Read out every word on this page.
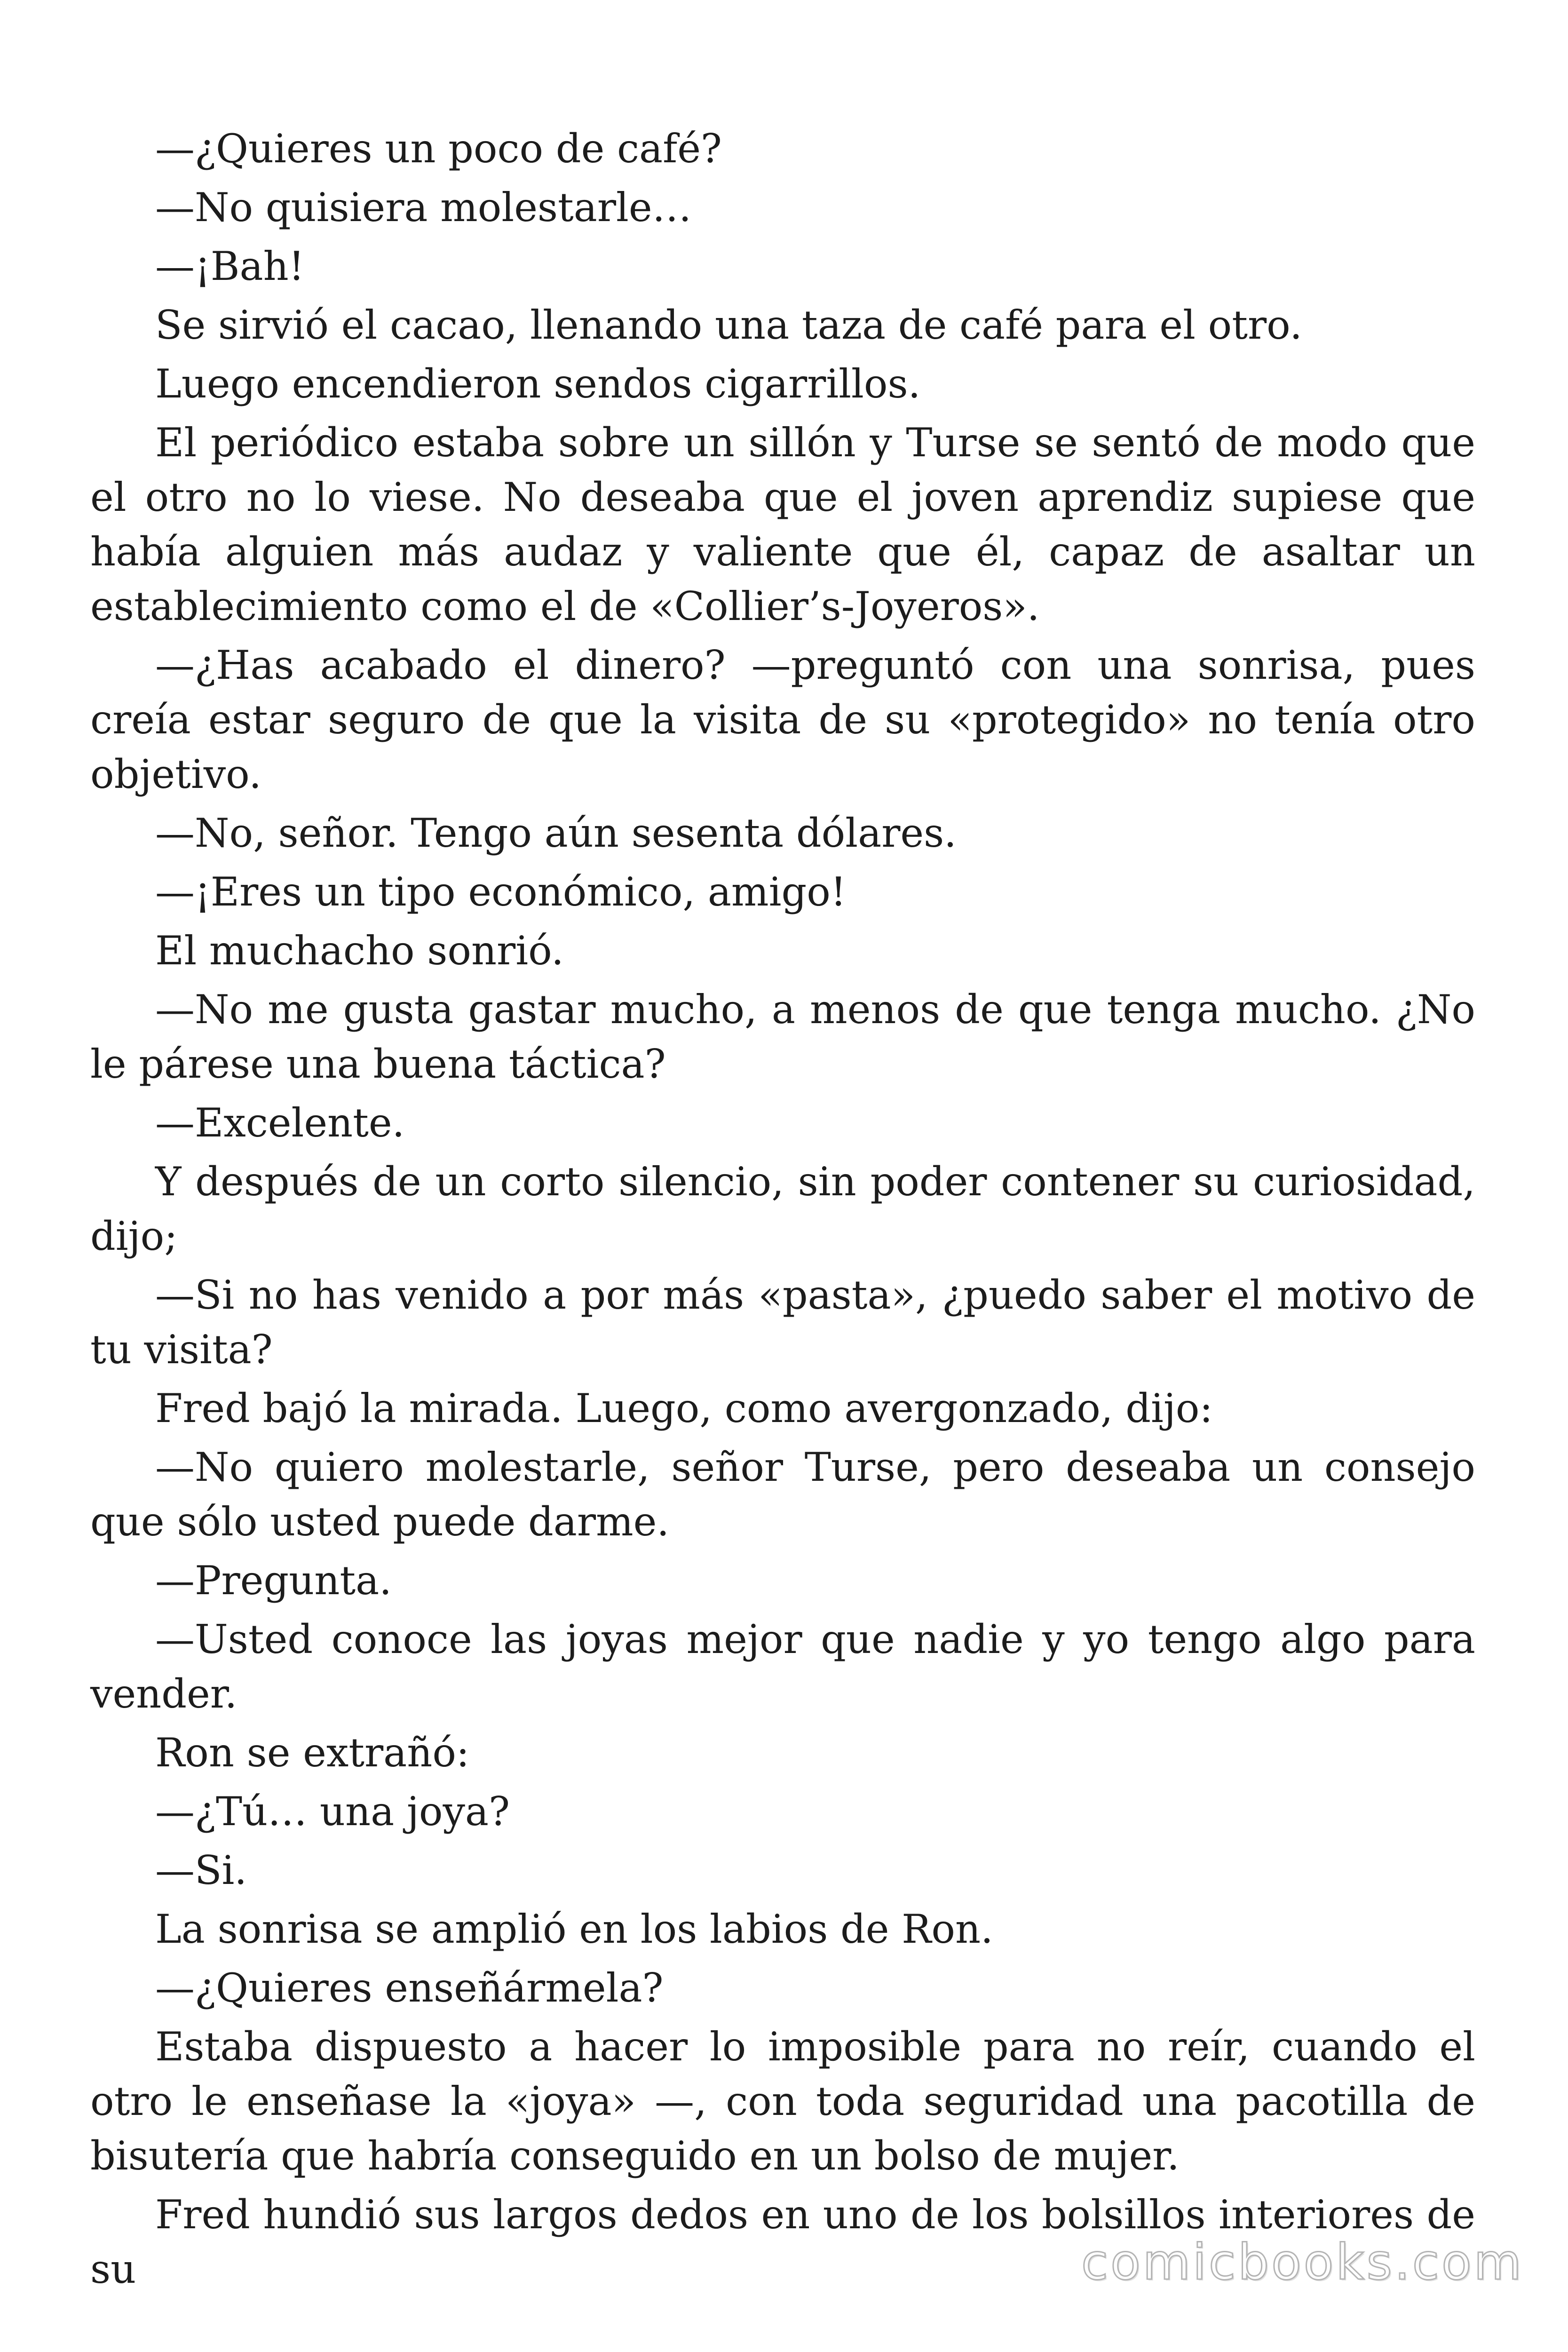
—¿Quieres un poco de café?

—No quisiera molestarle…

—¡Bah!

Se sirvió el cacao, llenando una taza de café para el otro.

Luego encendieron sendos cigarrillos.

El periódico estaba sobre un sillón y Turse se sentó de modo que el otro no lo viese. No deseaba que el joven aprendiz supiese que había alguien más audaz y valiente que él, capaz de asaltar un establecimiento como el de «Collier’s-Joyeros».

—¿Has acabado el dinero? —preguntó con una sonrisa, pues creía estar seguro de que la visita de su «protegido» no tenía otro objetivo.

—No, señor. Tengo aún sesenta dólares.

—¡Eres un tipo económico, amigo!

El muchacho sonrió.

—No me gusta gastar mucho, a menos de que tenga mucho. ¿No le párese una buena táctica?

—Excelente.

Y después de un corto silencio, sin poder contener su curiosidad, dijo;

—Si no has venido a por más «pasta», ¿puedo saber el motivo de tu visita?

Fred bajó la mirada. Luego, como avergonzado, dijo:

—No quiero molestarle, señor Turse, pero deseaba un consejo que sólo usted puede darme.

—Pregunta.

—Usted conoce las joyas mejor que nadie y yo tengo algo para vender.

Ron se extrañó:

—¿Tú… una joya?

—Si.

La sonrisa se amplió en los labios de Ron.

—¿Quieres enseñármela?

Estaba dispuesto a hacer lo imposible para no reír, cuando el otro le enseñase la «joya» —, con toda seguridad una pacotilla de bisutería que habría conseguido en un bolso de mujer.

Fred hundió sus largos dedos en uno de los bolsillos interiores de su	comicbooks.com
